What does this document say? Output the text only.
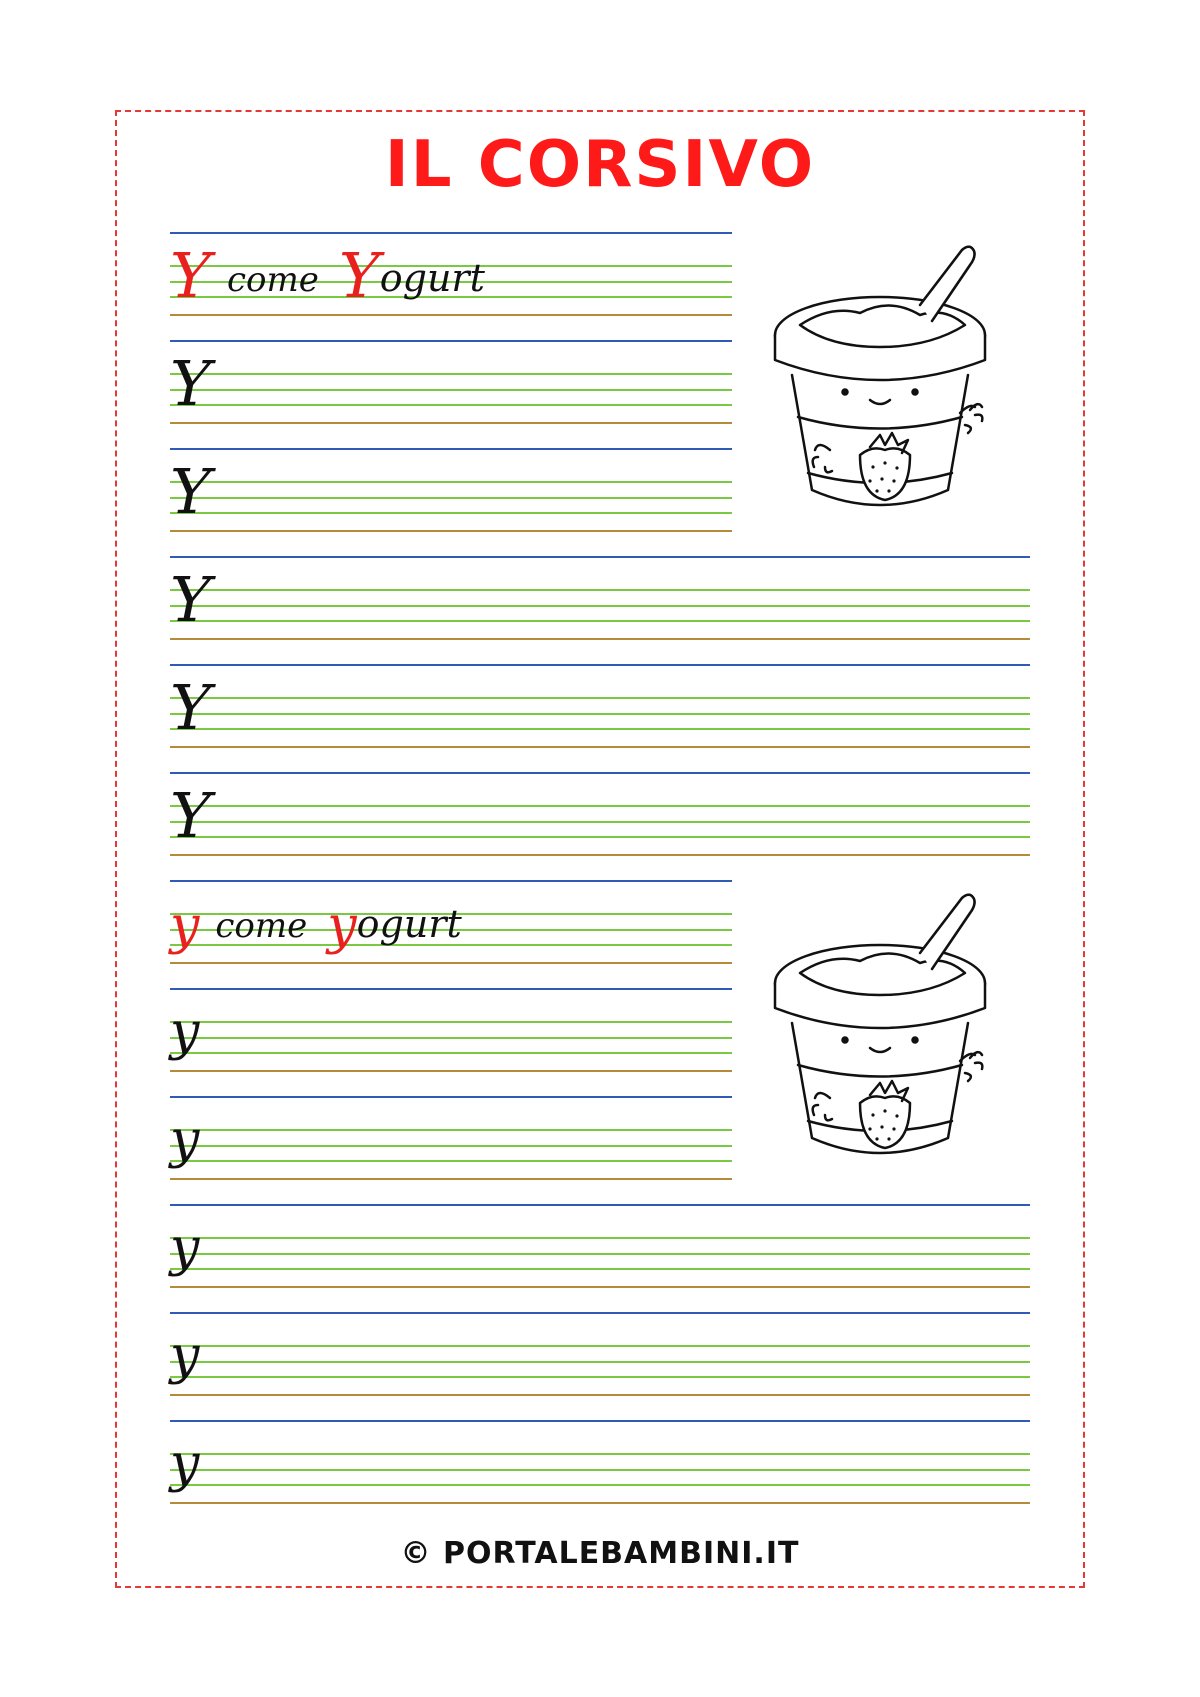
IL CORSIVO
Ycome Yogurt
Y
Y
Y
Y
Y
ycome yogurt
y
y
y
y
y

© PORTALEBAMBINI.IT
